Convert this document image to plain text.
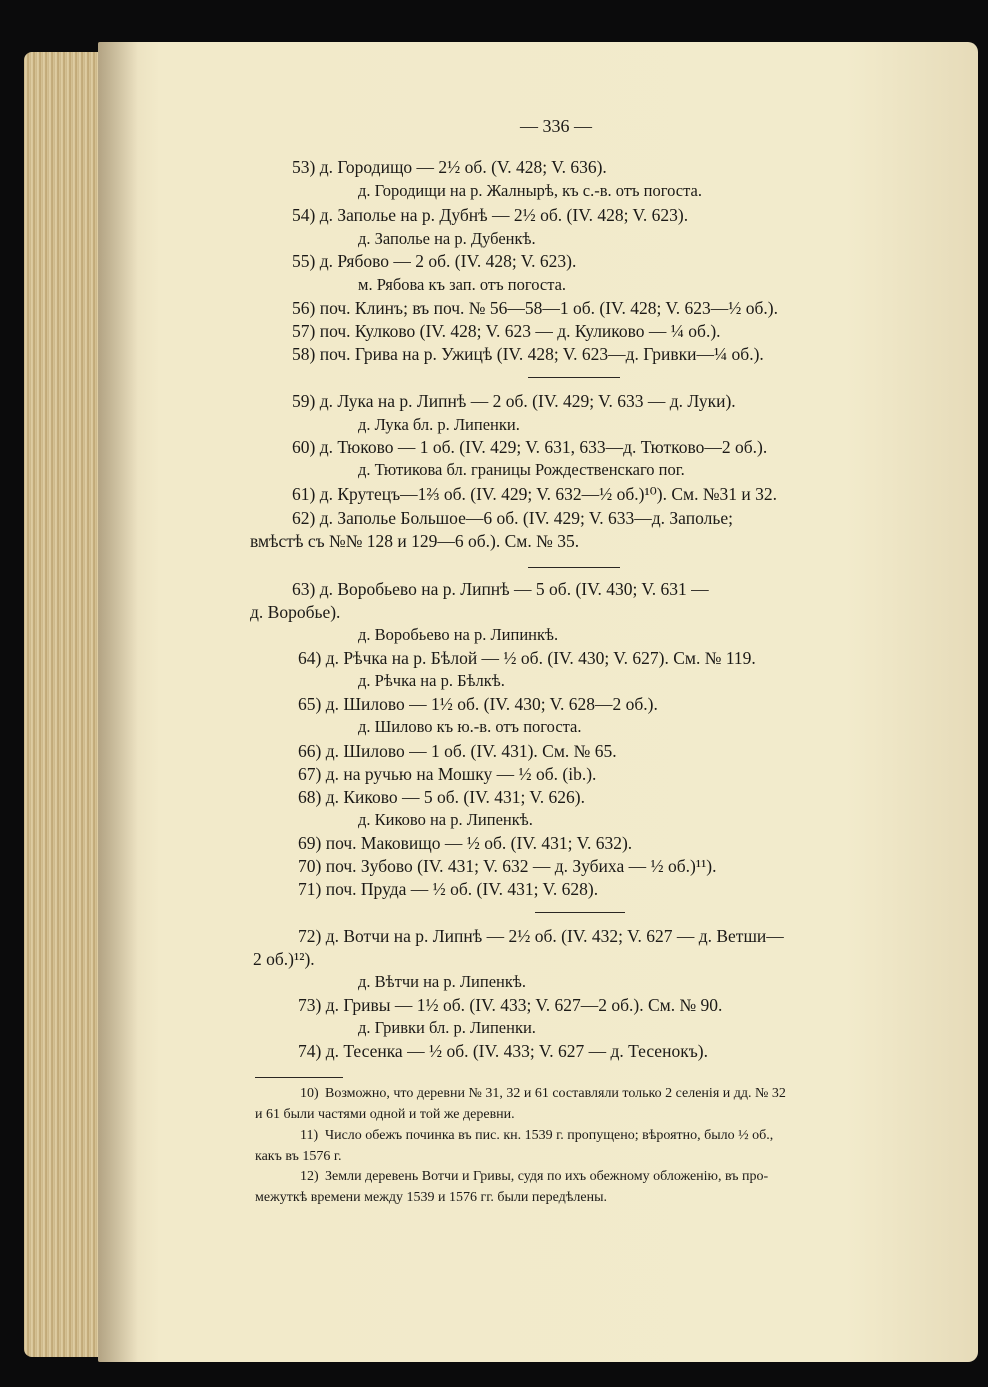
— 336 —
53) д. Городищо — 2½ об. (V. 428; V. 636).
д. Городищи на р. Жалнырѣ, къ с.-в. отъ погоста.
54) д. Заполье на р. Дубнѣ — 2½ об. (IV. 428; V. 623).
д. Заполье на р. Дубенкѣ.
55) д. Рябово — 2 об. (IV. 428; V. 623).
м. Рябова къ зап. отъ погоста.
56) поч. Клинъ; въ поч. № 56—58—1 об. (IV. 428; V. 623—½ об.).
57) поч. Кулково (IV. 428; V. 623 — д. Куликово — ¼ об.).
58) поч. Грива на р. Ужицѣ (IV. 428; V. 623—д. Гривки—¼ об.).
59) д. Лука на р. Липнѣ — 2 об. (IV. 429; V. 633 — д. Луки).
д. Лука бл. р. Липенки.
60) д. Тюково — 1 об. (IV. 429; V. 631, 633—д. Тютково—2 об.).
д. Тютикова бл. границы Рождественскаго пог.
61) д. Крутецъ—1⅔ об. (IV. 429; V. 632—½ об.)¹⁰). См. №31 и 32.
62) д. Заполье Большое—6 об. (IV. 429; V. 633—д. Заполье;
вмѣстѣ съ №№ 128 и 129—6 об.). См. № 35.
63) д. Воробьево на р. Липнѣ — 5 об. (IV. 430; V. 631 —
д. Воробье).
д. Воробьево на р. Липинкѣ.
64) д. Рѣчка на р. Бѣлой — ½ об. (IV. 430; V. 627). См. № 119.
д. Рѣчка на р. Бѣлкѣ.
65) д. Шилово — 1½ об. (IV. 430; V. 628—2 об.).
д. Шилово къ ю.-в. отъ погоста.
66) д. Шилово — 1 об. (IV. 431). См. № 65.
67) д. на ручью на Мошку — ½ об. (ib.).
68) д. Киково — 5 об. (IV. 431; V. 626).
д. Киково на р. Липенкѣ.
69) поч. Маковищо — ½ об. (IV. 431; V. 632).
70) поч. Зубово (IV. 431; V. 632 — д. Зубиха — ½ об.)¹¹).
71) поч. Пруда — ½ об. (IV. 431; V. 628).
72) д. Вотчи на р. Липнѣ — 2½ об. (IV. 432; V. 627 — д. Ветши—
2 об.)¹²).
д. Вѣтчи на р. Липенкѣ.
73) д. Гривы — 1½ об. (IV. 433; V. 627—2 об.). См. № 90.
д. Гривки бл. р. Липенки.
74) д. Тесенка — ½ об. (IV. 433; V. 627 — д. Тесенокъ).
10) Возможно, что деревни № 31, 32 и 61 составляли только 2 селенія и дд. № 32
и 61 были частями одной и той же деревни.
11) Число обежъ починка въ пис. кн. 1539 г. пропущено; вѣроятно, было ½ об.,
какъ въ 1576 г.
12) Земли деревень Вотчи и Гривы, судя по ихъ обежному обложенію, въ про-
межуткѣ времени между 1539 и 1576 гг. были передѣлены.
